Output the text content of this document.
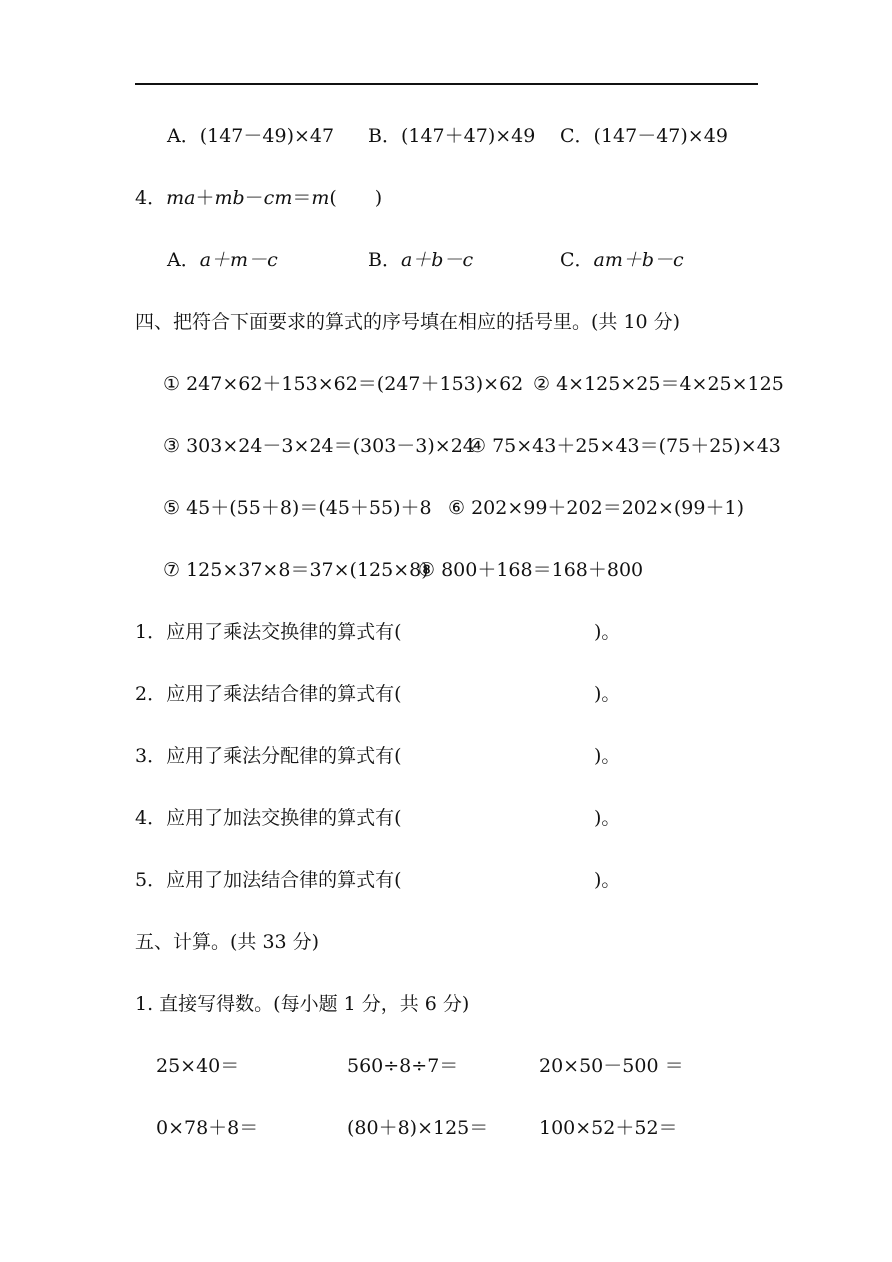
A．(147－49)×47 B．(147＋47)×49 C．(147－47)×49
4．ma＋mb－cm＝m(　　)
A．a＋m－c	B．a＋b－c	C．am＋b－c
四、把符合下面要求的算式的序号填在相应的括号里。(共 10 分)
① 247×62＋153×62＝(247＋153)×62 ② 4×125×25＝4×25×125
③ 303×24－3×24＝(303－3)×24
④ 75×43＋25×43＝(75＋25)×43
⑤ 45＋(55＋8)＝(45＋55)＋8 ⑥ 202×99＋202＝202×(99＋1)
⑦ 125×37×8＝37×(125×8)
⑧ 800＋168＝168＋800
1．应用了乘法交换律的算式有(	)。
2．应用了乘法结合律的算式有(	)。
3．应用了乘法分配律的算式有(	)。
4．应用了加法交换律的算式有(	)。
5．应用了加法结合律的算式有(	)。
五、计算。(共 33 分)
1. 直接写得数。(每小题 1 分，共 6 分)
25×40＝	560÷8÷7＝	20×50－500 ＝
0×78＋8＝	(80＋8)×125＝	100×52＋52＝
